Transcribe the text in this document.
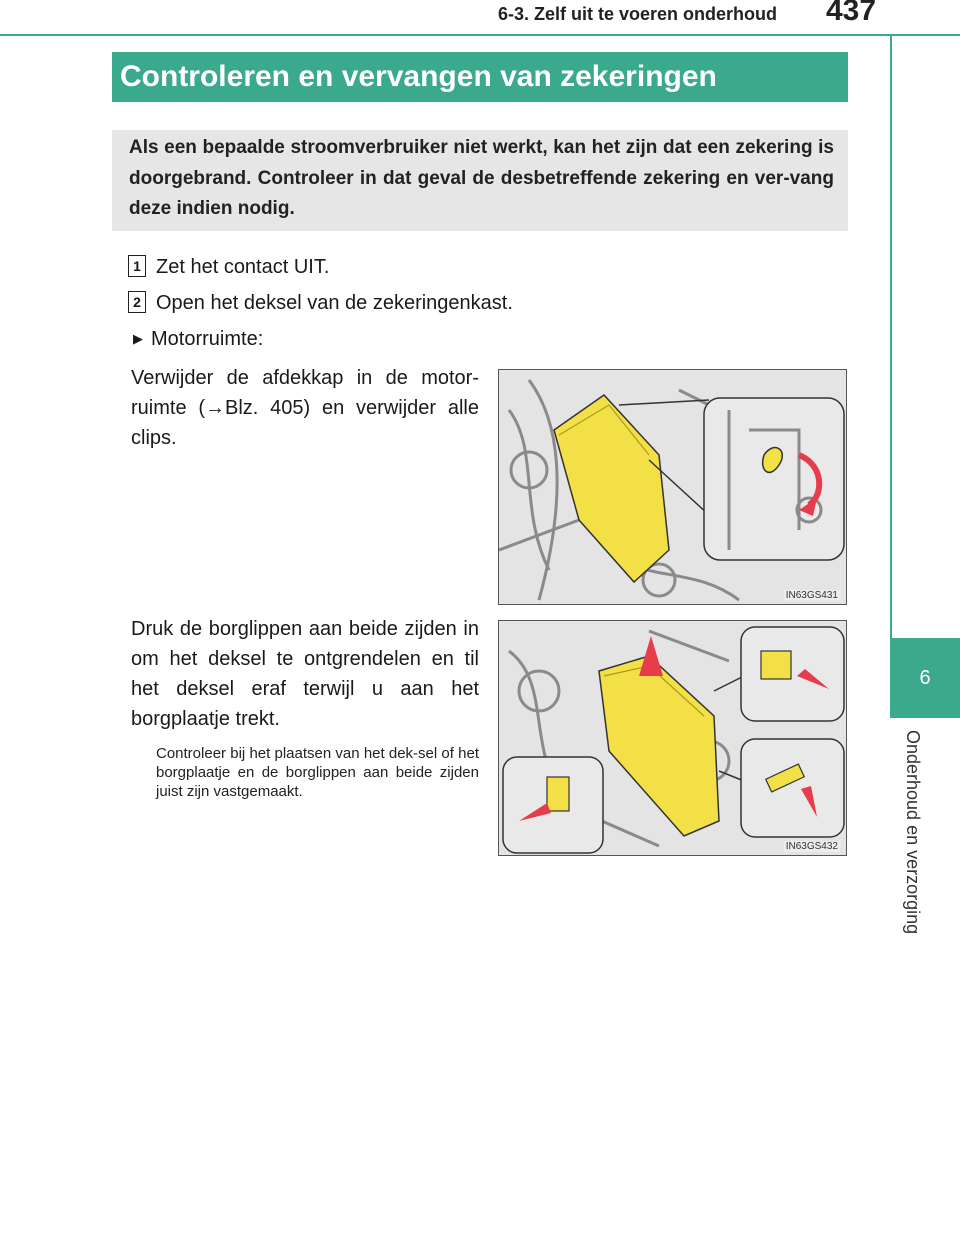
6-3. Zelf uit te voeren onderhoud 437
6
Onderhoud en verzorging
Controleren en vervangen van zekeringen
Als een bepaalde stroomverbruiker niet werkt, kan het zijn dat een zekering is doorgebrand. Controleer in dat geval de desbetreffende zekering en ver-vang deze indien nodig.
1 Zet het contact UIT.
2 Open het deksel van de zekeringenkast.
▶ Motorruimte:
Verwijder de afdekkap in de motor-ruimte (→Blz. 405) en verwijder alle clips.
Druk de borglippen aan beide zijden in om het deksel te ontgrendelen en til het deksel eraf terwijl u aan het borgplaatje trekt.
Controleer bij het plaatsen van het dek-sel of het borgplaatje en de borglippen aan beide zijden juist zijn vastgemaakt.
IN63GS431
IN63GS432
